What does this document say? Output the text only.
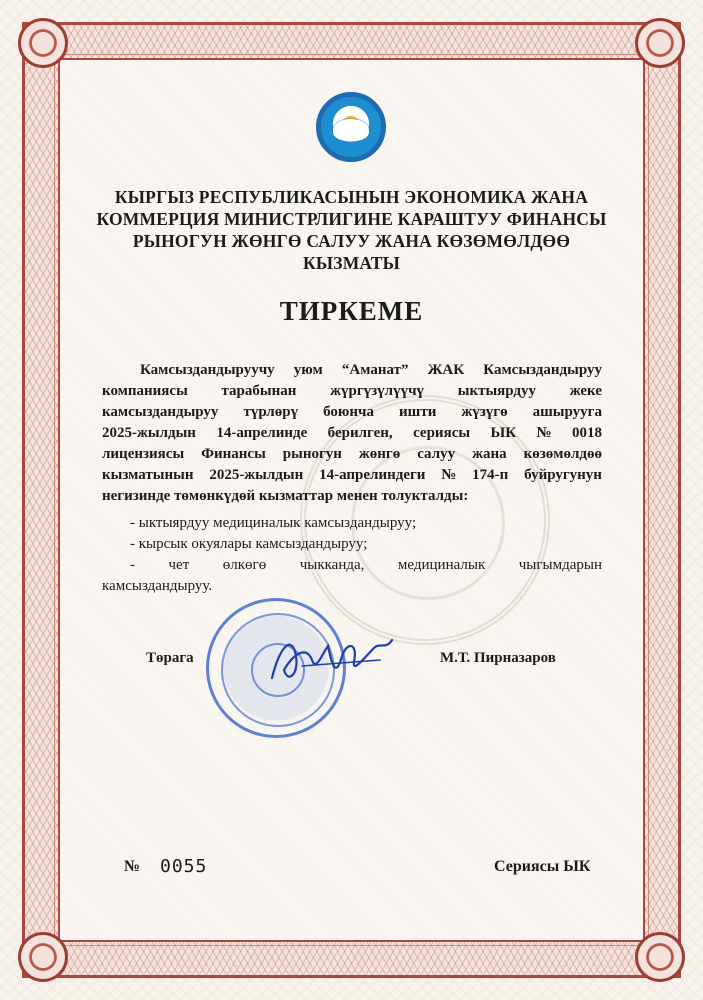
КЫРГЫЗ РЕСПУБЛИКАСЫНЫН ЭКОНОМИКА ЖАНА
КОММЕРЦИЯ МИНИСТРЛИГИНЕ КАРАШТУУ ФИНАНСЫ
РЫНОГУН ЖӨНГӨ САЛУУ ЖАНА КӨЗӨМӨЛДӨӨ
КЫЗМАТЫ
ТИРКЕМЕ
Камсыздандыруучу уюм “Аманат” ЖАК Камсыздандыруу
компаниясы тарабынан жүргүзүлүүчү ыктыярдуу жеке
камсыздандыруу түрлөрү боюнча ишти жүзүгө ашырууга
2025-жылдын 14-апрелинде берилген, сериясы ЫК № 0018
лицензиясы Финансы рыногун жөнгө салуу жана көзөмөлдөө
кызматынын 2025-жылдын 14-апрелиндеги № 174-п буйругунун
негизинде төмөнкүдөй кызматтар менен толукталды:
- ыктыярдуу медициналык камсыздандыруу;
- кырсык окуялары камсыздандыруу;
- чет өлкөгө чыкканда, медициналык чыгымдарын
камсыздандыруу.
Төрага	М.Т. Пирназаров
№ 0055	Сериясы ЫК
